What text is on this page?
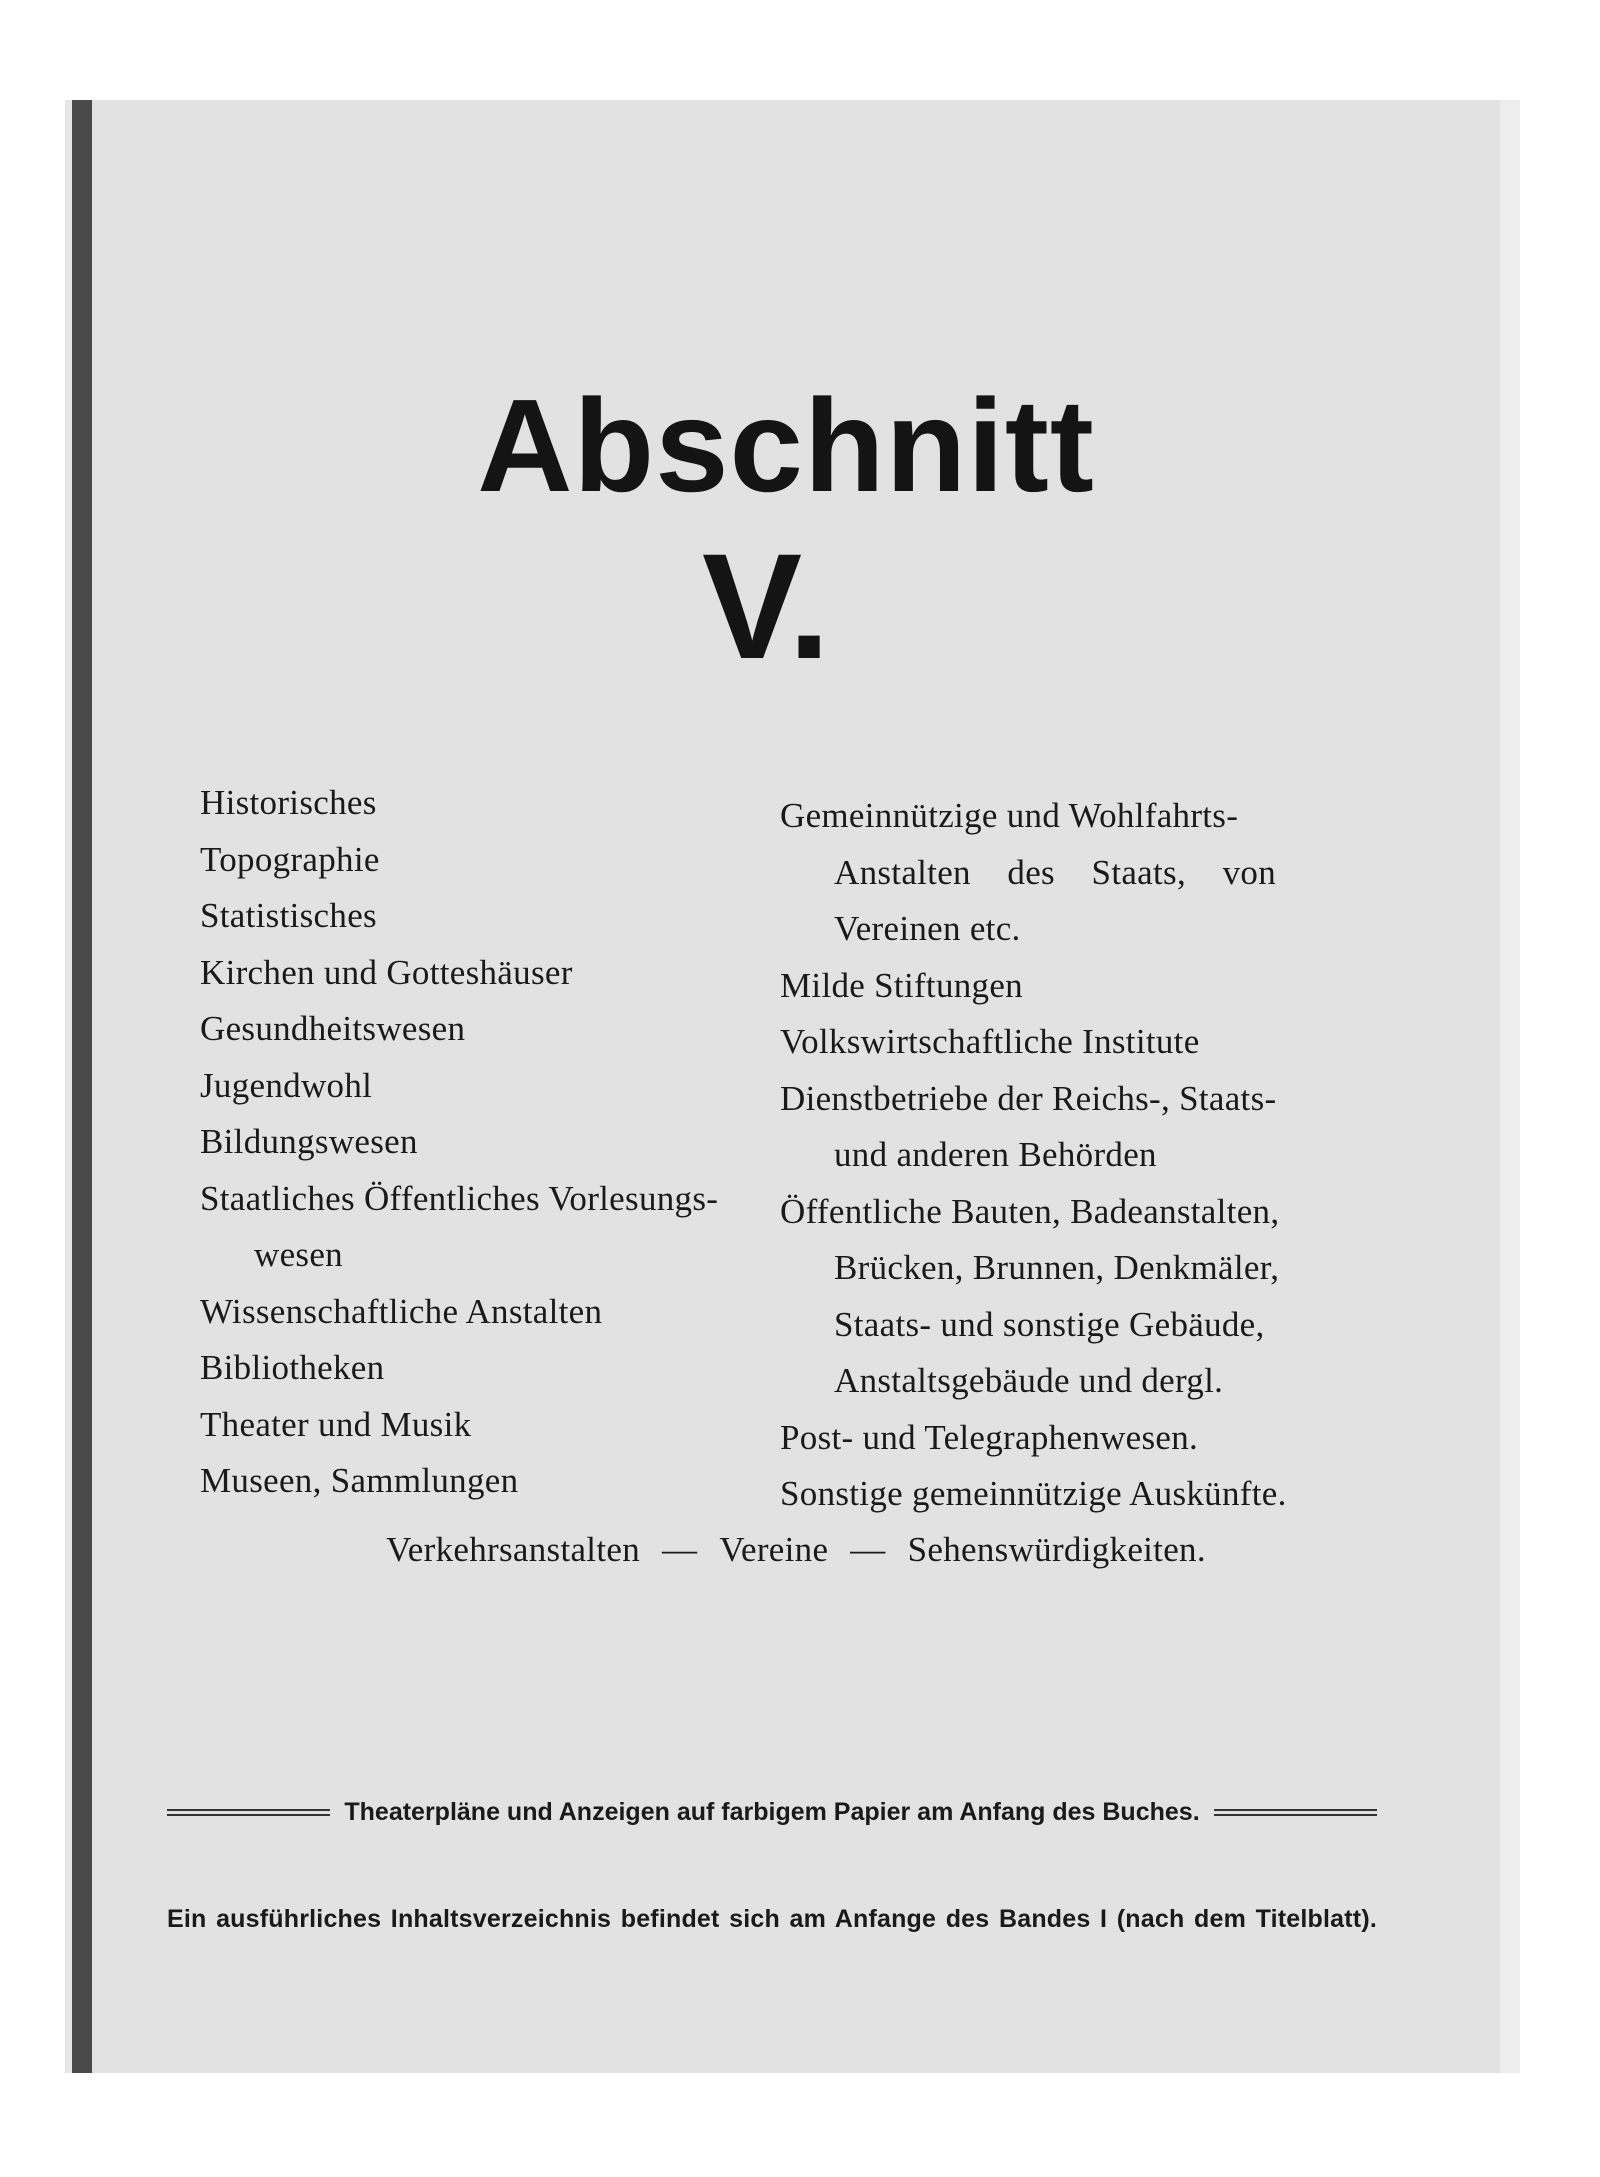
Abschnitt
V.
Historisches
Topographie
Statistisches
Kirchen und Gotteshäuser
Gesundheitswesen
Jugendwohl
Bildungswesen
Staatliches Öffentliches Vorlesungs-
wesen
Wissenschaftliche Anstalten
Bibliotheken
Theater und Musik
Museen, Sammlungen
Gemeinnützige und Wohlfahrts-
Anstalten des Staats, von
Vereinen etc.
Milde Stiftungen
Volkswirtschaftliche Institute
Dienstbetriebe der Reichs-, Staats-
und anderen Behörden
Öffentliche Bauten, Badeanstalten,
Brücken, Brunnen, Denkmäler,
Staats- und sonstige Gebäude,
Anstaltsgebäude und dergl.
Post- und Telegraphenwesen.
Sonstige gemeinnützige Auskünfte.
Verkehrsanstalten — Vereine — Sehenswürdigkeiten.
Theaterpläne und Anzeigen auf farbigem Papier am Anfang des Buches.
Ein ausführliches Inhaltsverzeichnis befindet sich am Anfange des Bandes I (nach dem Titelblatt).
